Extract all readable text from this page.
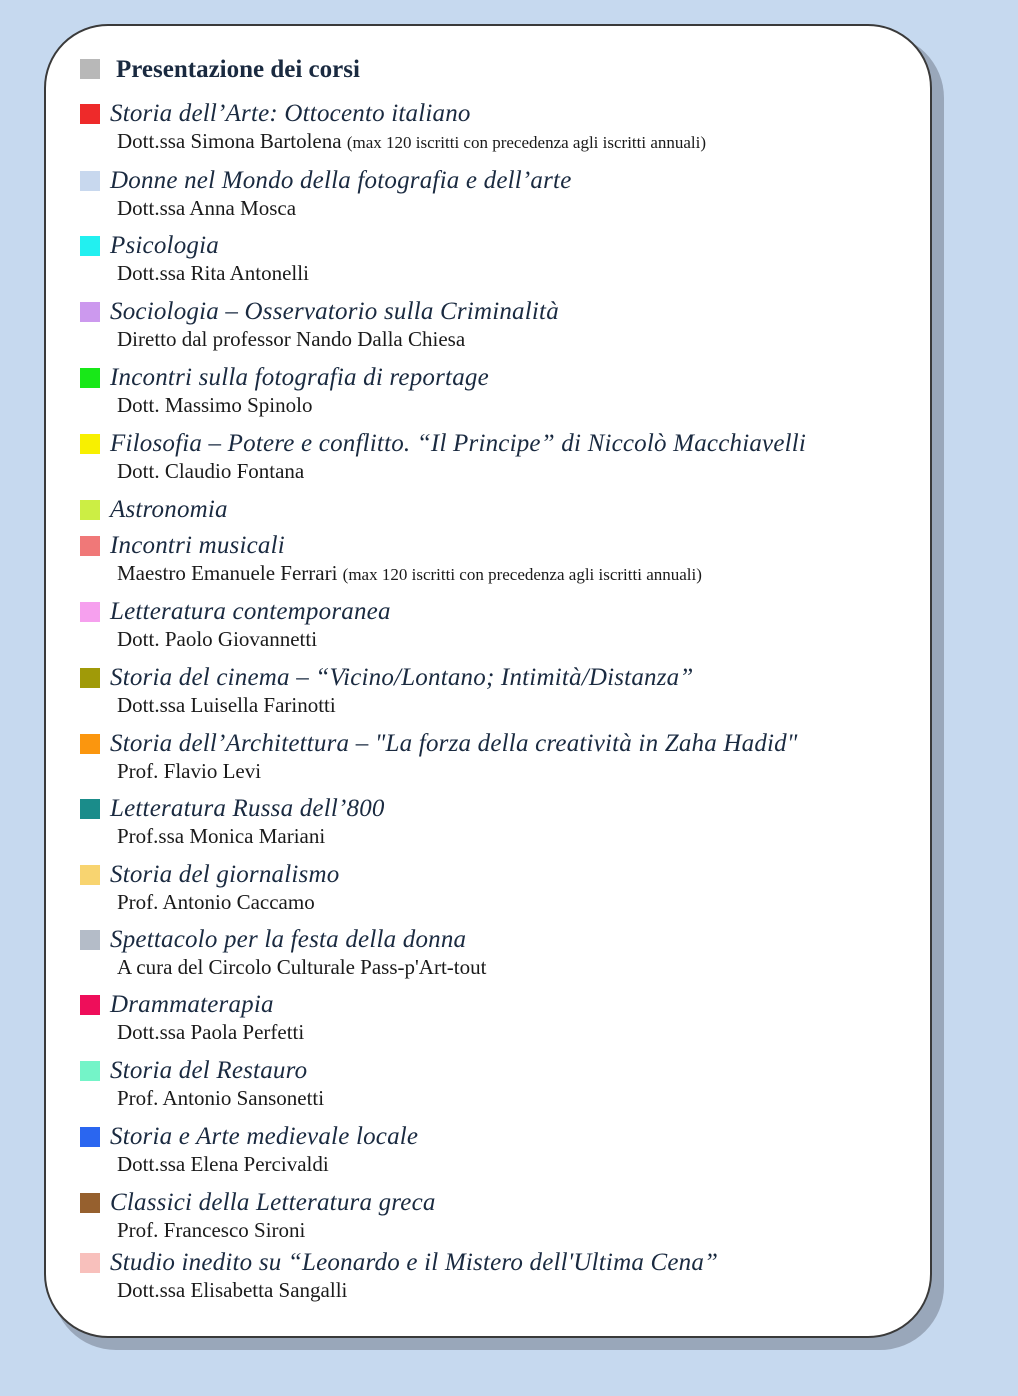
Presentazione dei corsi
Storia dell’Arte: Ottocento italiano
Dott.ssa Simona Bartolena (max 120 iscritti con precedenza agli iscritti annuali)
Donne nel Mondo della fotografia e dell’arte
Dott.ssa Anna Mosca
Psicologia
Dott.ssa Rita Antonelli
Sociologia – Osservatorio sulla Criminalità
Diretto dal professor Nando Dalla Chiesa
Incontri sulla fotografia di reportage
Dott. Massimo Spinolo
Filosofia – Potere e conflitto. “Il Principe” di Niccolò Macchiavelli
Dott. Claudio Fontana
Astronomia
Incontri musicali
Maestro Emanuele Ferrari (max 120 iscritti con precedenza agli iscritti annuali)
Letteratura contemporanea
Dott. Paolo Giovannetti
Storia del cinema – “Vicino/Lontano; Intimità/Distanza”
Dott.ssa Luisella Farinotti
Storia dell’Architettura – "La forza della creatività in Zaha Hadid"
Prof. Flavio Levi
Letteratura Russa dell’800
Prof.ssa Monica Mariani
Storia del giornalismo
Prof. Antonio Caccamo
Spettacolo per la festa della donna
A cura del Circolo Culturale Pass-p'Art-tout
Drammaterapia
Dott.ssa Paola Perfetti
Storia del Restauro
Prof. Antonio Sansonetti
Storia e Arte medievale locale
Dott.ssa Elena Percivaldi
Classici della Letteratura greca
Prof. Francesco Sironi
Studio inedito su “Leonardo e il Mistero dell'Ultima Cena”
Dott.ssa Elisabetta Sangalli
